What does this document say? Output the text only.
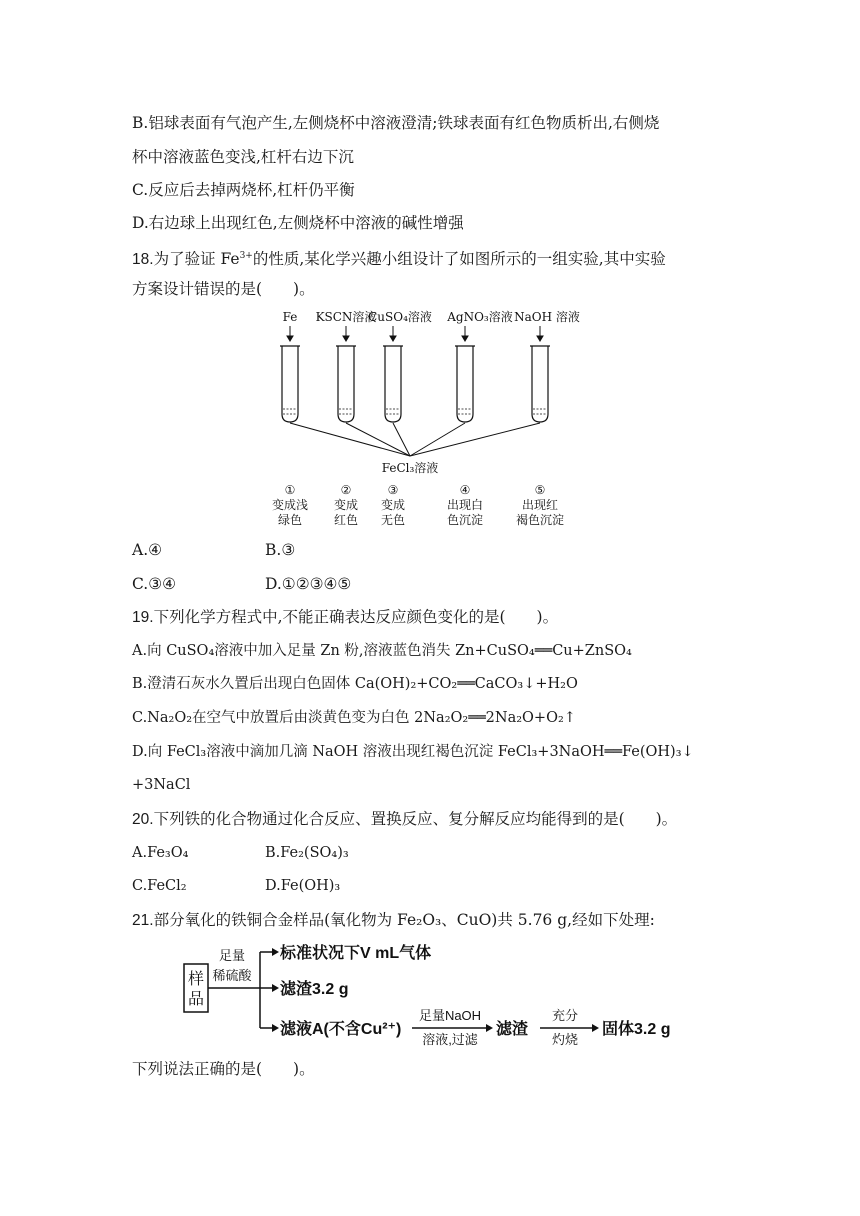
B.铝球表面有气泡产生,左侧烧杯中溶液澄清;铁球表面有红色物质析出,右侧烧
杯中溶液蓝色变浅,杠杆右边下沉
C.反应后去掉两烧杯,杠杆仍平衡
D.右边球上出现红色,左侧烧杯中溶液的碱性增强
18.为了验证 $Fe^{3+}$的性质,某化学兴趣小组设计了如图所示的一组实验,其中实验
方案设计错误的是(　　)。
Fe KSCN溶液
CuSO₄溶液 AgNO₃溶液 NaOH 溶液
FeCl₃溶液
①
变成浅
绿色
②
变成
红色
③
变成
无色
④
出现白
色沉淀
⑤
出现红
褐色沉淀
A.④	B.③
C.③④	D.①②③④⑤
19.下列化学方程式中,不能正确表达反应颜色变化的是(　　)。
A.向 CuSO₄溶液中加入足量 Zn 粉,溶液蓝色消失 Zn+CuSO₄══Cu+ZnSO₄
B.澄清石灰水久置后出现白色固体 Ca(OH)₂+CO₂══CaCO₃↓+H₂O
C.Na₂O₂在空气中放置后由淡黄色变为白色 2Na₂O₂══2Na₂O+O₂↑
D.向 FeCl₃溶液中滴加几滴 NaOH 溶液出现红褐色沉淀 FeCl₃+3NaOH══Fe(OH)₃↓
+3NaCl
20.下列铁的化合物通过化合反应、置换反应、复分解反应均能得到的是(　　)。
A.Fe₃O₄	B.Fe₂(SO₄)₃
C.FeCl₂	D.Fe(OH)₃
21.部分氧化的铁铜合金样品(氧化物为 Fe₂O₃、CuO)共 5.76 g,经如下处理:
样
品
足量
稀硫酸
标准状况下V mL气体
滤渣3.2 g
滤液A(不含Cu²⁺)
足量NaOH
溶液,过滤
滤渣
充分
灼烧
固体3.2 g
下列说法正确的是(　　)。
